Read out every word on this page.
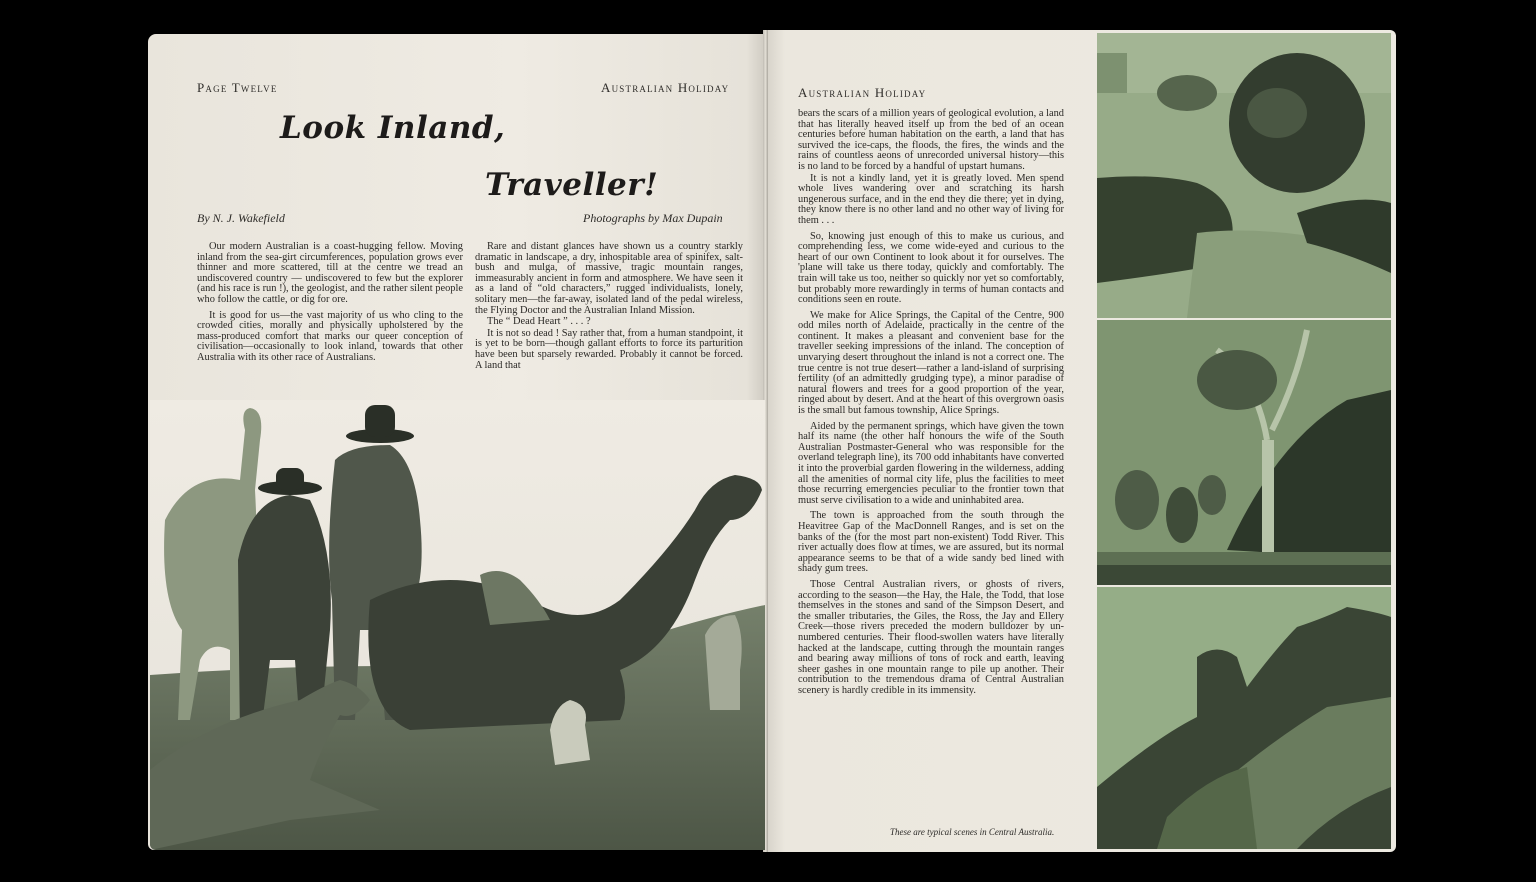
Page Twelve	Australian Holiday
Look Inland,
Traveller!
By N. J. Wakefield	Photographs by Max Dupain

Our modern Australian is a coast-hugging fellow. Moving inland from the sea-girt circumferences, population grows ever thinner and more scattered, till at the centre we tread an undiscovered country — undiscovered to few but the explorer (and his race is run !), the geologist, and the rather silent people who follow the cattle, or dig for ore.

It is good for us—the vast majority of us who cling to the crowded cities, morally and physically upholstered by the mass-produced comfort that marks our queer conception of civilisation—occasionally to look inland, towards that other Australia with its other race of Australians.

Rare and distant glances have shown us a country starkly dramatic in landscape, a dry, inhospitable area of spinifex, salt-bush and mulga, of massive, tragic mountain ranges, immeasurably ancient in form and atmosphere. We have seen it as a land of “old characters,” rugged individualists, lonely, solitary men—the far-away, isolated land of the pedal wireless, the Flying Doctor and the Australian Inland Mission.

The “ Dead Heart ” . . . ?

It is not so dead ! Say rather that, from a human standpoint, it is yet to be born—though gallant efforts to force its parturition have been but sparsely rewarded. Probably it cannot be forced. A land that

Australian Holiday

bears the scars of a million years of geological evolution, a land that has literally heaved itself up from the bed of an ocean centuries before human habitation on the earth, a land that has survived the ice-caps, the floods, the fires, the winds and the rains of countless aeons of unrecorded universal history—this is no land to be forced by a handful of upstart humans.

It is not a kindly land, yet it is greatly loved. Men spend whole lives wandering over and scratching its harsh ungenerous surface, and in the end they die there; yet in dying, they know there is no other land and no other way of living for them . . .

So, knowing just enough of this to make us curious, and comprehending less, we come wide-eyed and curious to the heart of our own Continent to look about it for ourselves. The 'plane will take us there today, quickly and comfortably. The train will take us too, neither so quickly nor yet so comfortably, but probably more rewardingly in terms of human contacts and conditions seen en route.

We make for Alice Springs, the Capital of the Centre, 900 odd miles north of Adelaide, practically in the centre of the continent. It makes a pleasant and convenient base for the traveller seeking impressions of the inland. The conception of unvarying desert throughout the inland is not a correct one. The true centre is not true desert—rather a land-island of surprising fertility (of an admittedly grudging type), a minor paradise of natural flowers and trees for a good proportion of the year, ringed about by desert. And at the heart of this overgrown oasis is the small but famous township, Alice Springs.

Aided by the permanent springs, which have given the town half its name (the other half honours the wife of the South Australian Postmaster-General who was responsible for the overland telegraph line), its 700 odd inhabitants have converted it into the proverbial garden flowering in the wilderness, adding all the amenities of normal city life, plus the facilities to meet those recurring emergencies peculiar to the frontier town that must serve civilisation to a wide and uninhabited area.

The town is approached from the south through the Heavitree Gap of the MacDonnell Ranges, and is set on the banks of the (for the most part non-existent) Todd River. This river actually does flow at times, we are assured, but its normal appearance seems to be that of a wide sandy bed lined with shady gum trees.

Those Central Australian rivers, or ghosts of rivers, according to the season—the Hay, the Hale, the Todd, that lose themselves in the stones and sand of the Simpson Desert, and the smaller tributaries, the Giles, the Ross, the Jay and Ellery Creek—those rivers preceded the modern bulldozer by un-numbered centuries. Their flood-swollen waters have literally hacked at the landscape, cutting through the mountain ranges and bearing away millions of tons of rock and earth, leaving sheer gashes in one mountain range to pile up another. Their contribution to the tremendous drama of Central Australian scenery is hardly credible in its immensity.

These are typical scenes in Central Australia.
